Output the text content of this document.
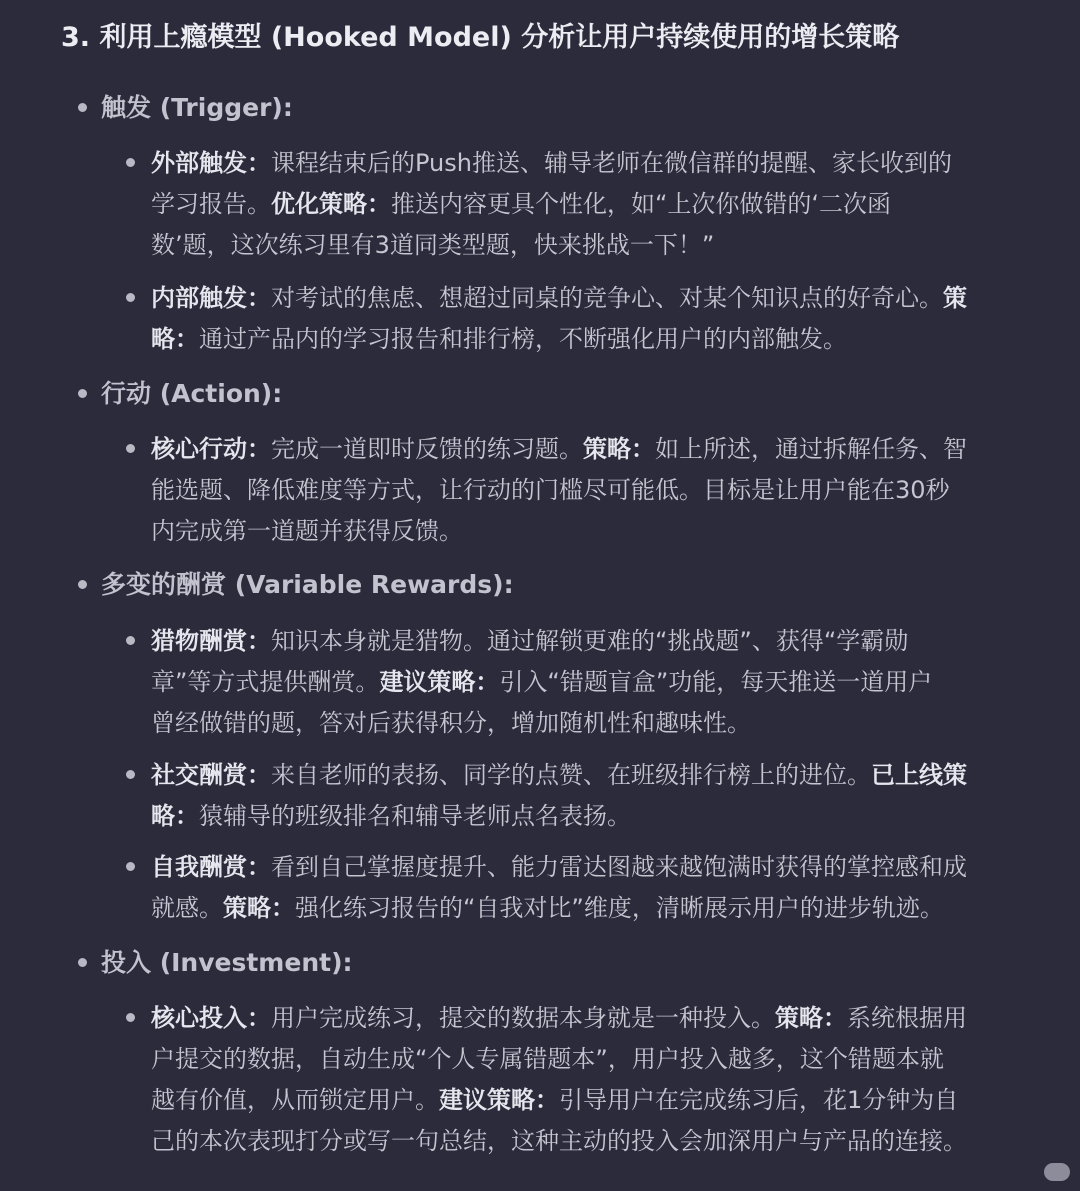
3. 利用上瘾模型 (Hooked Model) 分析让用户持续使用的增长策略
触发 (Trigger):
外部触发：课程结束后的Push推送、辅导老师在微信群的提醒、家长收到的
学习报告。优化策略：推送内容更具个性化，如“上次你做错的‘二次函
数’题，这次练习里有3道同类型题，快来挑战一下！”
内部触发：对考试的焦虑、想超过同桌的竞争心、对某个知识点的好奇心。策
略：通过产品内的学习报告和排行榜，不断强化用户的内部触发。
行动 (Action):
核心行动：完成一道即时反馈的练习题。策略：如上所述，通过拆解任务、智
能选题、降低难度等方式，让行动的门槛尽可能低。目标是让用户能在30秒
内完成第一道题并获得反馈。
多变的酬赏 (Variable Rewards):
猎物酬赏：知识本身就是猎物。通过解锁更难的“挑战题”、获得“学霸勋
章”等方式提供酬赏。建议策略：引入“错题盲盒”功能，每天推送一道用户
曾经做错的题，答对后获得积分，增加随机性和趣味性。
社交酬赏：来自老师的表扬、同学的点赞、在班级排行榜上的进位。已上线策
略：猿辅导的班级排名和辅导老师点名表扬。
自我酬赏：看到自己掌握度提升、能力雷达图越来越饱满时获得的掌控感和成
就感。策略：强化练习报告的“自我对比”维度，清晰展示用户的进步轨迹。
投入 (Investment):
核心投入：用户完成练习，提交的数据本身就是一种投入。策略：系统根据用
户提交的数据，自动生成“个人专属错题本”，用户投入越多，这个错题本就
越有价值，从而锁定用户。建议策略：引导用户在完成练习后，花1分钟为自
己的本次表现打分或写一句总结，这种主动的投入会加深用户与产品的连接。
